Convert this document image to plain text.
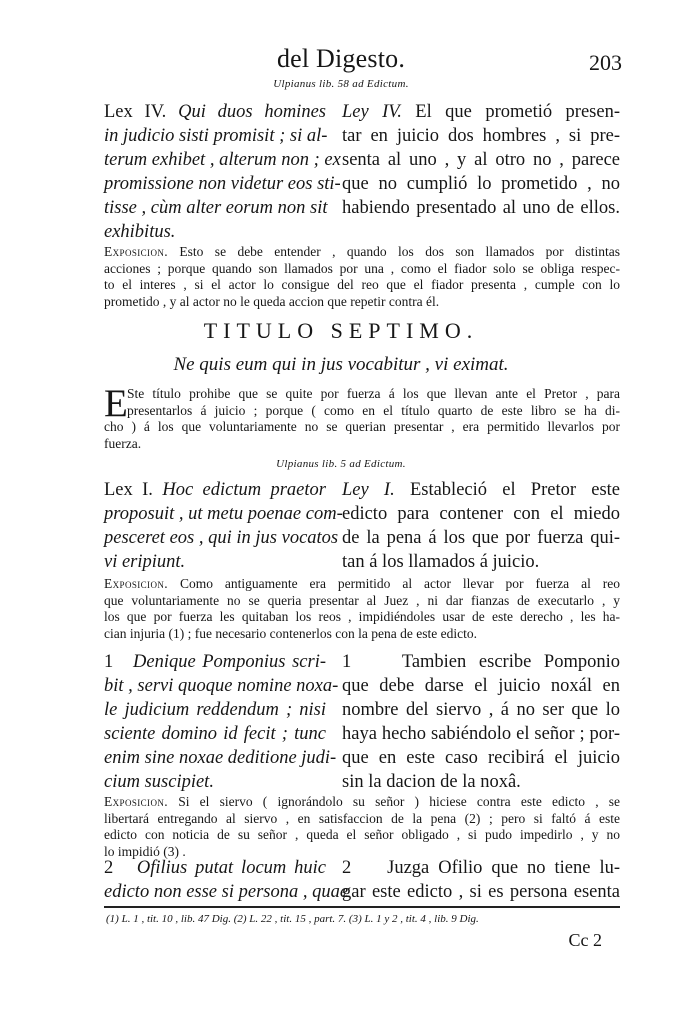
del Digesto.	203
Ulpianus lib. 58 ad Edictum.
Lex IV. Qui duos homines
in judicio sisti promisit ; si al-
terum exhibet , alterum non ; ex
promissione non videtur eos sti-
tisse , cùm alter eorum non sit
exhibitus.
Ley IV. El que prometió presen-
tar en juicio dos hombres , si pre-
senta al uno , y al otro no , parece
que no cumplió lo prometido , no
habiendo presentado al uno de ellos.
Exposicion. Esto se debe entender , quando los dos son llamados por distintas
acciones ; porque quando son llamados por una , como el fiador solo se obliga respec-
to el interes , si el actor lo consigue del reo que el fiador presenta , cumple con lo
prometido , y al actor no le queda accion que repetir contra él.
TITULO SEPTIMO.
Ne quis eum qui in jus vocabitur , vi eximat.
E Ste título prohibe que se quite por fuerza á los que llevan ante el Pretor , para
presentarlos á juicio ; porque ( como en el título quarto de este libro se ha di-
cho ) á los que voluntariamente no se querian presentar , era permitido llevarlos por
fuerza.
Ulpianus lib. 5 ad Edictum.
Lex I. Hoc edictum praetor
proposuit , ut metu poenae com-
pesceret eos , qui in jus vocatos
vi eripiunt.
Ley I. Estableció el Pretor este
edicto para contener con el miedo
de la pena á los que por fuerza qui-
tan á los llamados á juicio.
Exposicion. Como antiguamente era permitido al actor llevar por fuerza al reo
que voluntariamente no se queria presentar al Juez , ni dar fianzas de executarlo , y
los que por fuerza les quitaban los reos , impidiéndoles usar de este derecho , les ha-
cian injuria (1) ; fue necesario contenerlos con la pena de este edicto.
1 Denique Pomponius scri-
bit , servi quoque nomine noxa-
le judicium reddendum ; nisi
sciente domino id fecit ; tunc
enim sine noxae deditione judi-
cium suscipiet.
1	Tambien escribe Pomponio
que debe darse el juicio noxál en
nombre del siervo , á no ser que lo
haya hecho sabiéndolo el señor ; por-
que en este caso recibirá el juicio
sin la dacion de la noxâ.
Exposicion. Si el siervo ( ignorándolo su señor ) hiciese contra este edicto , se
libertará entregando al siervo , en satisfaccion de la pena (2) ; pero si faltó á este
edicto con noticia de su señor , queda el señor obligado , si pudo impedirlo , y no
lo impidió (3) .
2 Ofilius putat locum huic
edicto non esse si persona , quae
2 Juzga Ofilio que no tiene lu-
gar este edicto , si es persona esenta
(1) L. 1 , tit. 10 , lib. 47 Dig. (2) L. 22 , tit. 15 , part. 7. (3) L. 1 y 2 , tit. 4 , lib. 9 Dig.
Cc 2
